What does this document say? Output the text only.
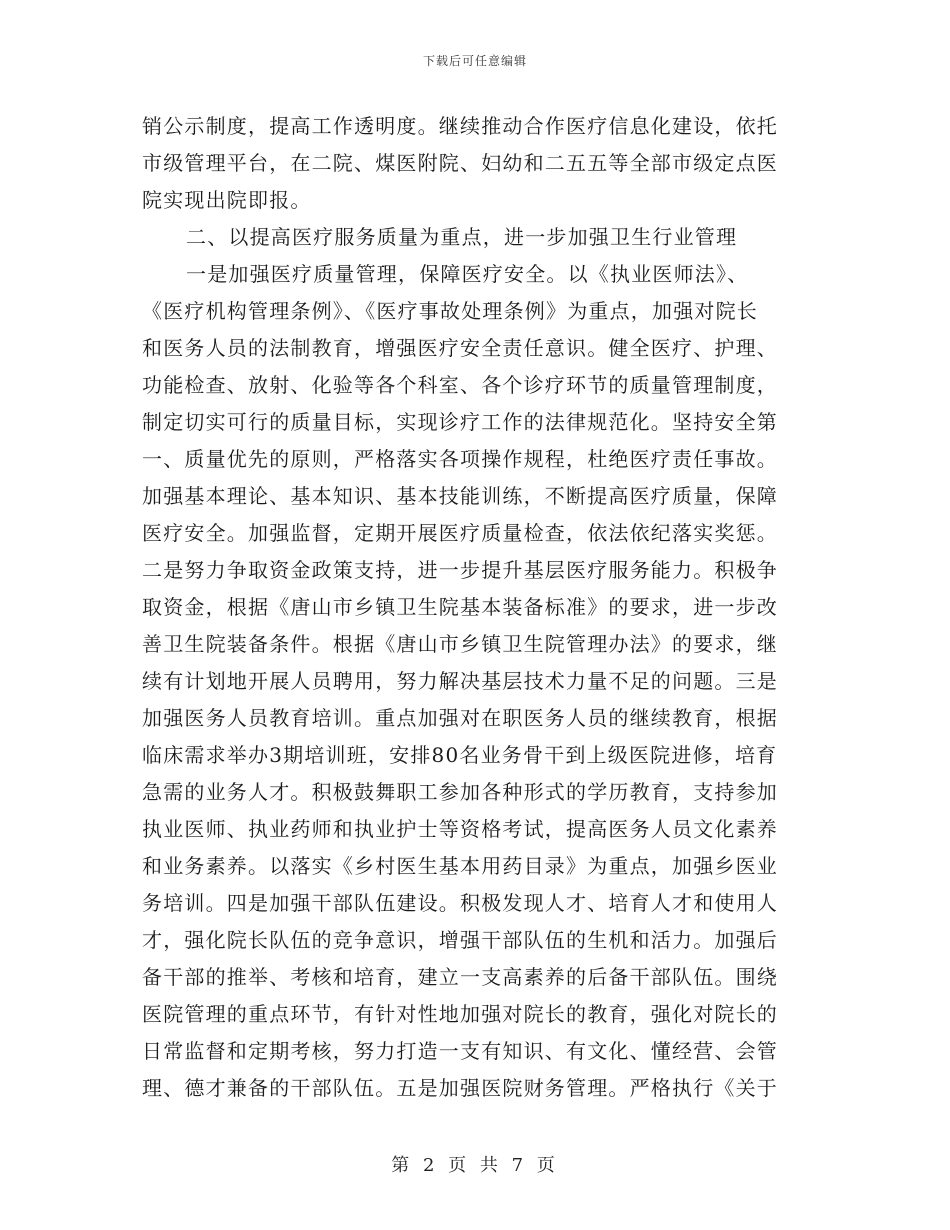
下载后可任意编辑
销公示制度，提高工作透明度。继续推动合作医疗信息化建设，依托
市级管理平台，在二院、煤医附院、妇幼和二五五等全部市级定点医
院实现出院即报。
二、以提高医疗服务质量为重点，进一步加强卫生行业管理
一是加强医疗质量管理，保障医疗安全。以《执业医师法》、
《医疗机构管理条例》、《医疗事故处理条例》为重点，加强对院长
和医务人员的法制教育，增强医疗安全责任意识。健全医疗、护理、
功能检查、放射、化验等各个科室、各个诊疗环节的质量管理制度，
制定切实可行的质量目标，实现诊疗工作的法律规范化。坚持安全第
一、质量优先的原则，严格落实各项操作规程，杜绝医疗责任事故。
加强基本理论、基本知识、基本技能训练，不断提高医疗质量，保障
医疗安全。加强监督，定期开展医疗质量检查，依法依纪落实奖惩。
二是努力争取资金政策支持，进一步提升基层医疗服务能力。积极争
取资金，根据《唐山市乡镇卫生院基本装备标准》的要求，进一步改
善卫生院装备条件。根据《唐山市乡镇卫生院管理办法》的要求，继
续有计划地开展人员聘用，努力解决基层技术力量不足的问题。三是
加强医务人员教育培训。重点加强对在职医务人员的继续教育，根据
临床需求举办3期培训班，安排80名业务骨干到上级医院进修，培育
急需的业务人才。积极鼓舞职工参加各种形式的学历教育，支持参加
执业医师、执业药师和执业护士等资格考试，提高医务人员文化素养
和业务素养。以落实《乡村医生基本用药目录》为重点，加强乡医业
务培训。四是加强干部队伍建设。积极发现人才、培育人才和使用人
才，强化院长队伍的竞争意识，增强干部队伍的生机和活力。加强后
备干部的推举、考核和培育，建立一支高素养的后备干部队伍。围绕
医院管理的重点环节，有针对性地加强对院长的教育，强化对院长的
日常监督和定期考核，努力打造一支有知识、有文化、懂经营、会管
理、德才兼备的干部队伍。五是加强医院财务管理。严格执行《关于
第 2 页 共 7 页
